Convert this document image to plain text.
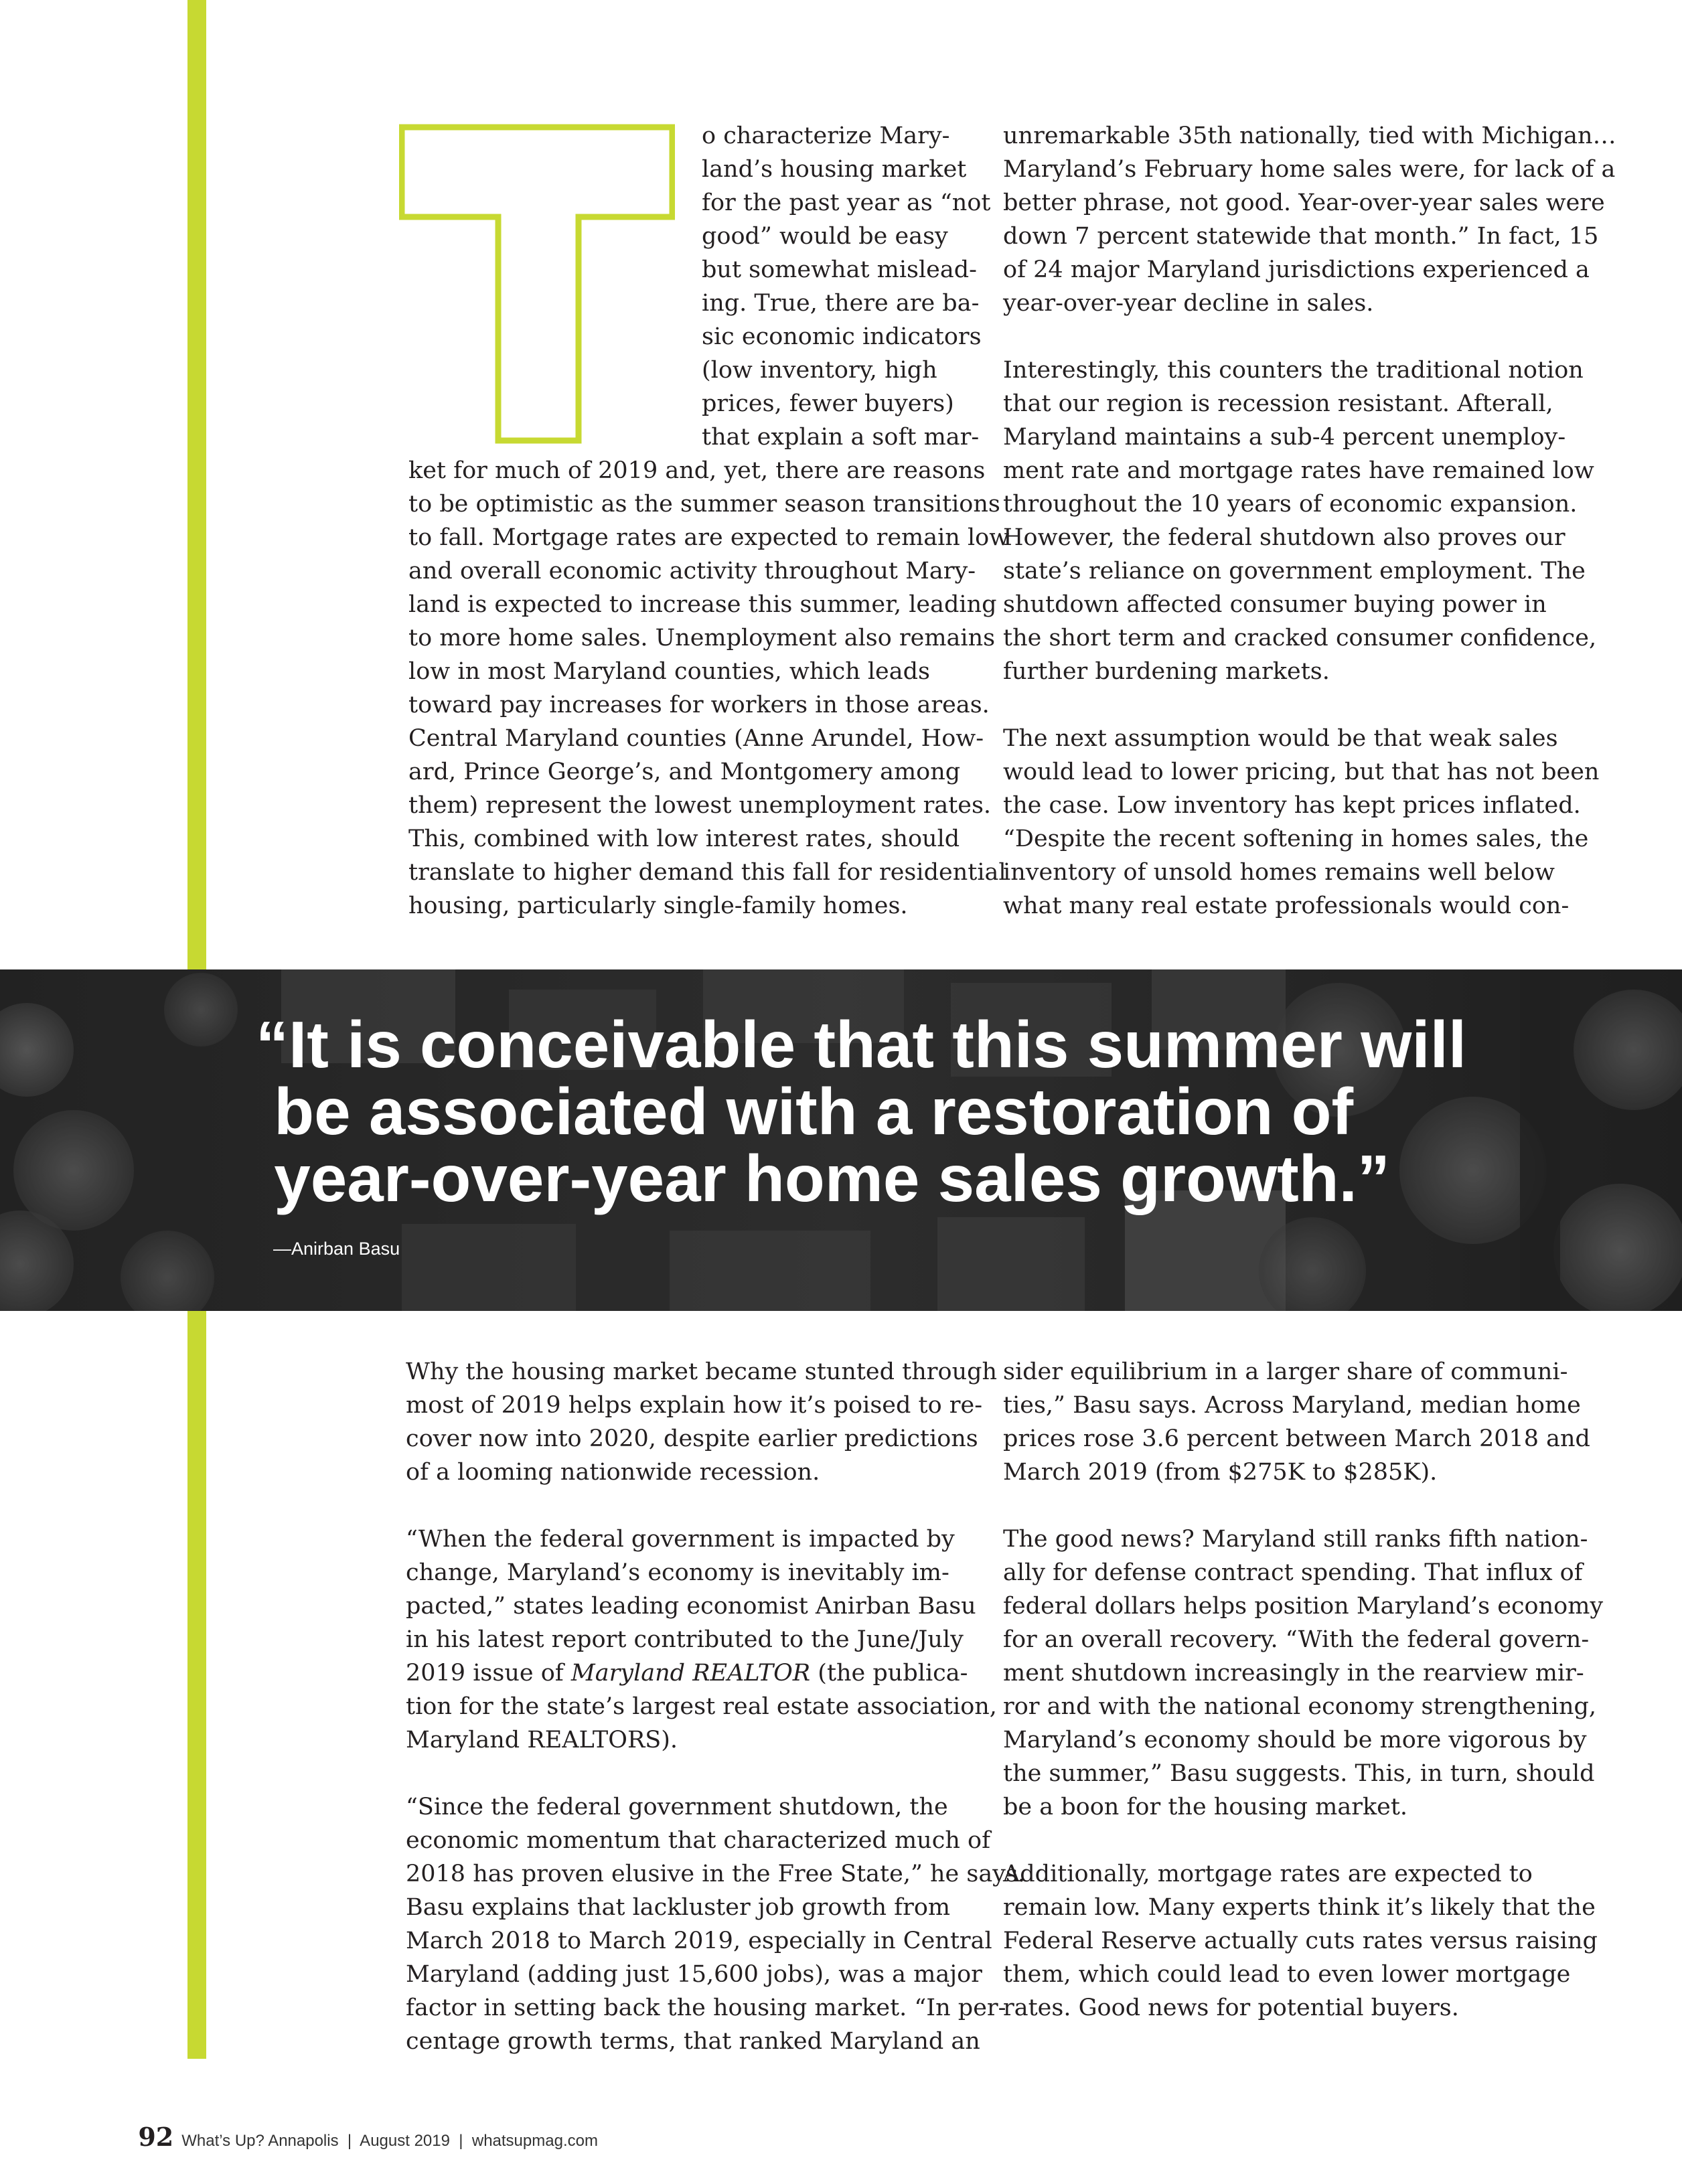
o characterize Mary-

land’s housing market

for the past year as “not

good” would be easy

but somewhat mislead-

ing. True, there are ba-

sic economic indicators

(low inventory, high

prices, fewer buyers)

that explain a soft mar-

ket for much of 2019 and, yet, there are reasons

to be optimistic as the summer season transitions

to fall. Mortgage rates are expected to remain low

and overall economic activity throughout Mary-

land is expected to increase this summer, leading

to more home sales. Unemployment also remains

low in most Maryland counties, which leads

toward pay increases for workers in those areas.

Central Maryland counties (Anne Arundel, How-

ard, Prince George’s, and Montgomery among

them) represent the lowest unemployment rates.

This, combined with low interest rates, should

translate to higher demand this fall for residential

housing, particularly single-family homes.

unremarkable 35th nationally, tied with Michigan…

Maryland’s February home sales were, for lack of a

better phrase, not good. Year-over-year sales were

down 7 percent statewide that month.” In fact, 15

of 24 major Maryland jurisdictions experienced a

year-over-year decline in sales.

Interestingly, this counters the traditional notion

that our region is recession resistant. Afterall,

Maryland maintains a sub-4 percent unemploy-

ment rate and mortgage rates have remained low

throughout the 10 years of economic expansion.

However, the federal shutdown also proves our

state’s reliance on government employment. The

shutdown affected consumer buying power in

the short term and cracked consumer confidence,

further burdening markets.

The next assumption would be that weak sales

would lead to lower pricing, but that has not been

the case. Low inventory has kept prices inflated.

“Despite the recent softening in homes sales, the

inventory of unsold homes remains well below

what many real estate professionals would con-

“It is conceivable that this summer will
be associated with a restoration of
year-over-year home sales growth.”
—Anirban Basu

Why the housing market became stunted through

most of 2019 helps explain how it’s poised to re-

cover now into 2020, despite earlier predictions

of a looming nationwide recession.

“When the federal government is impacted by

change, Maryland’s economy is inevitably im-

pacted,” states leading economist Anirban Basu

in his latest report contributed to the June/July

2019 issue of Maryland REALTOR (the publica-

tion for the state’s largest real estate association,

Maryland REALTORS).

“Since the federal government shutdown, the

economic momentum that characterized much of

2018 has proven elusive in the Free State,” he says.

Basu explains that lackluster job growth from

March 2018 to March 2019, especially in Central

Maryland (adding just 15,600 jobs), was a major

factor in setting back the housing market. “In per-

centage growth terms, that ranked Maryland an

sider equilibrium in a larger share of communi-

ties,” Basu says. Across Maryland, median home

prices rose 3.6 percent between March 2018 and

March 2019 (from $275K to $285K).

The good news? Maryland still ranks fifth nation-

ally for defense contract spending. That influx of

federal dollars helps position Maryland’s economy

for an overall recovery. “With the federal govern-

ment shutdown increasingly in the rearview mir-

ror and with the national economy strengthening,

Maryland’s economy should be more vigorous by

the summer,” Basu suggests. This, in turn, should

be a boon for the housing market.

Additionally, mortgage rates are expected to

remain low. Many experts think it’s likely that the

Federal Reserve actually cuts rates versus raising

them, which could lead to even lower mortgage

rates. Good news for potential buyers.

92 What’s Up? Annapolis  |  August 2019  |  whatsupmag.com
